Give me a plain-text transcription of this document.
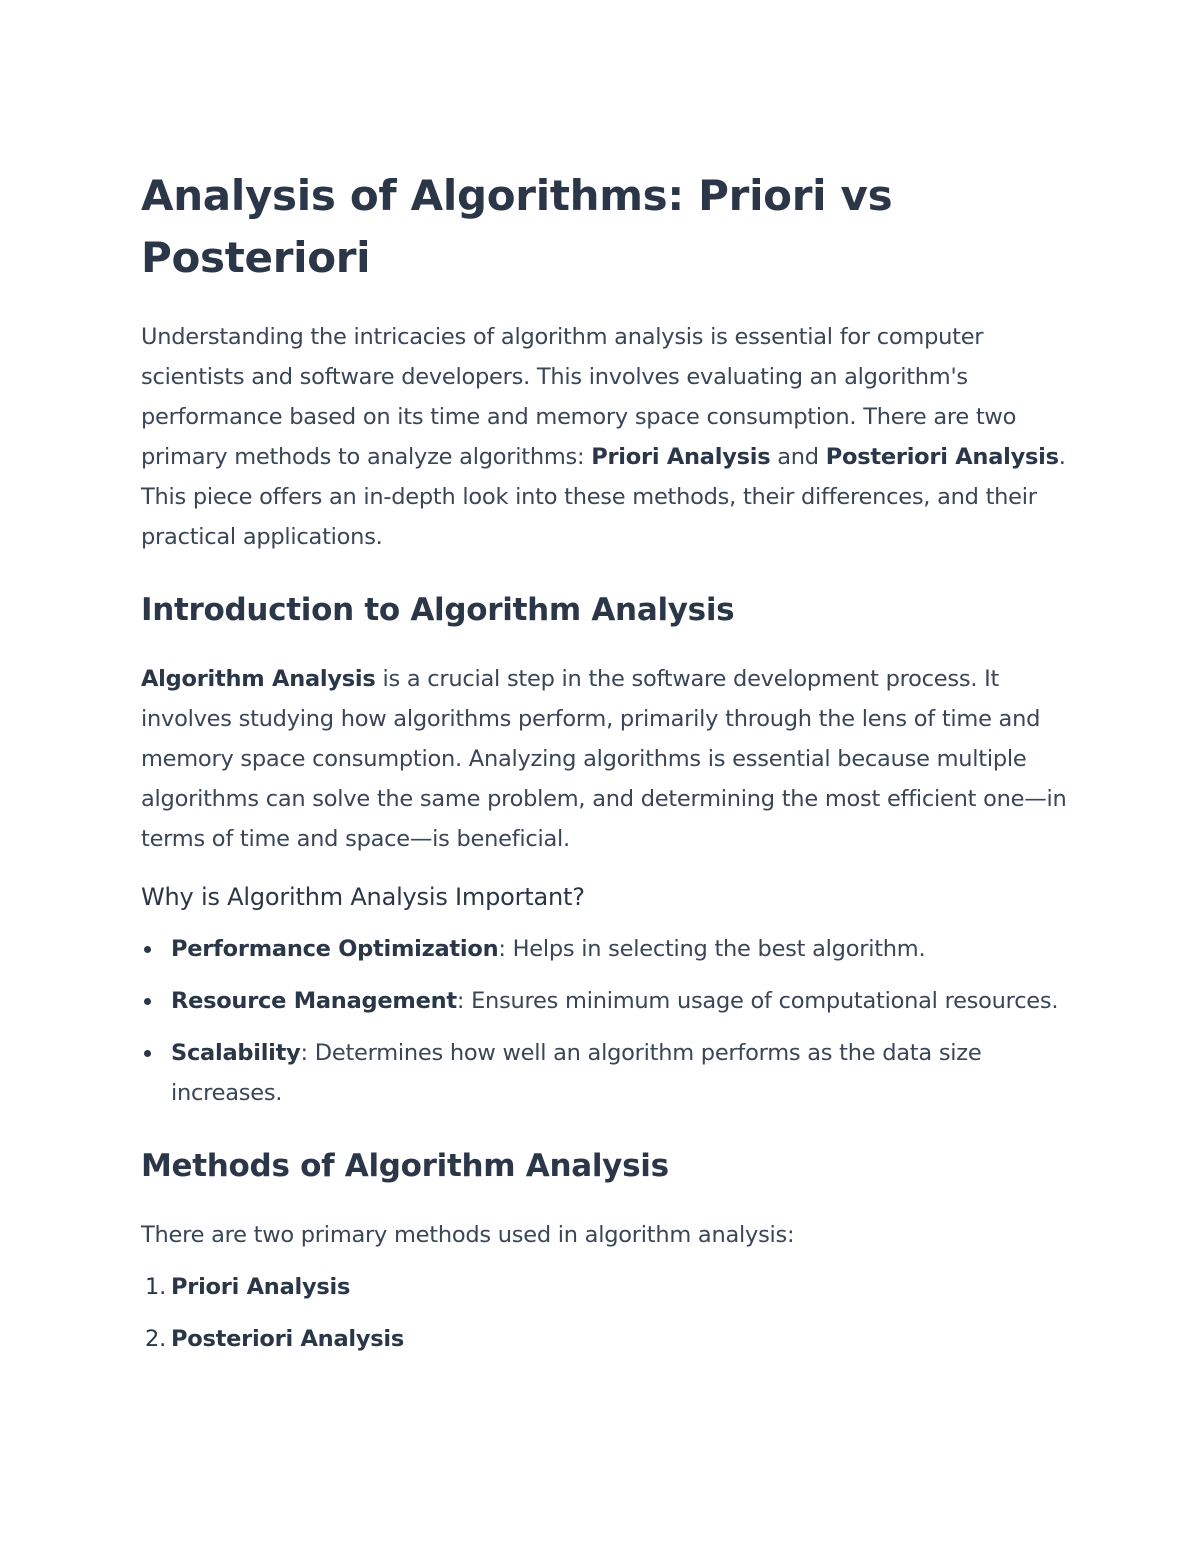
Analysis of Algorithms: Priori vs Posteriori

Understanding the intricacies of algorithm analysis is essential for computer scientists and software developers. This involves evaluating an algorithm's performance based on its time and memory space consumption. There are two primary methods to analyze algorithms: Priori Analysis and Posteriori Analysis. This piece offers an in-depth look into these methods, their differences, and their practical applications.

Introduction to Algorithm Analysis

Algorithm Analysis is a crucial step in the software development process. It involves studying how algorithms perform, primarily through the lens of time and memory space consumption. Analyzing algorithms is essential because multiple algorithms can solve the same problem, and determining the most efficient one—in terms of time and space—is beneficial.

Why is Algorithm Analysis Important?
Performance Optimization: Helps in selecting the best algorithm.
Resource Management: Ensures minimum usage of computational resources.
Scalability: Determines how well an algorithm performs as the data size increases.
Methods of Algorithm Analysis

There are two primary methods used in algorithm analysis:

1. Priori Analysis
2. Posteriori Analysis
